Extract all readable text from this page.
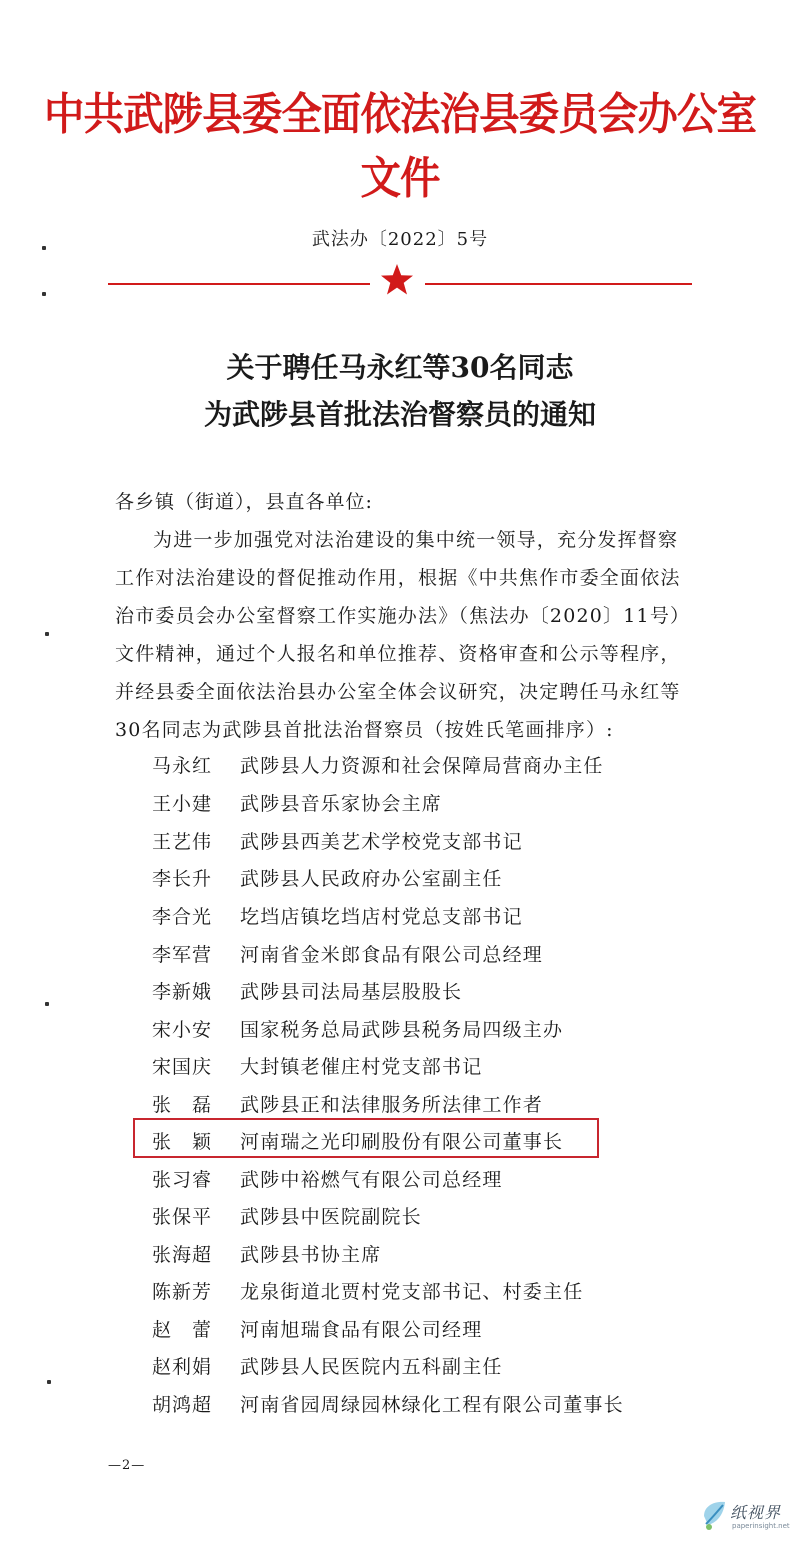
中共武陟县委全面依法治县委员会办公室文件
武法办〔2022〕5号
关于聘任马永红等30名同志
为武陟县首批法治督察员的通知
各乡镇（街道），县直各单位:
为进一步加强党对法治建设的集中统一领导，充分发挥督察
工作对法治建设的督促推动作用，根据《中共焦作市委全面依法
治市委员会办公室督察工作实施办法》（焦法办〔2020〕11号）
文件精神，通过个人报名和单位推荐、资格审查和公示等程序，
并经县委全面依法治县办公室全体会议研究，决定聘任马永红等
30名同志为武陟县首批法治督察员（按姓氏笔画排序）:
马永红 武陟县人力资源和社会保障局营商办主任
王小建 武陟县音乐家协会主席
王艺伟 武陟县西美艺术学校党支部书记
李长升 武陟县人民政府办公室副主任
李合光 圪垱店镇圪垱店村党总支部书记
李军营 河南省金米郎食品有限公司总经理
李新娥 武陟县司法局基层股股长
宋小安 国家税务总局武陟县税务局四级主办
宋国庆 大封镇老催庄村党支部书记
张　磊 武陟县正和法律服务所法律工作者
张　颖 河南瑞之光印刷股份有限公司董事长
张习睿 武陟中裕燃气有限公司总经理
张保平 武陟县中医院副院长
张海超 武陟县书协主席
陈新芳 龙泉街道北贾村党支部书记、村委主任
赵　蕾 河南旭瑞食品有限公司经理
赵利娟 武陟县人民医院内五科副主任
胡鸿超 河南省园周绿园林绿化工程有限公司董事长
—2—
纸视界
paperinsight.net
